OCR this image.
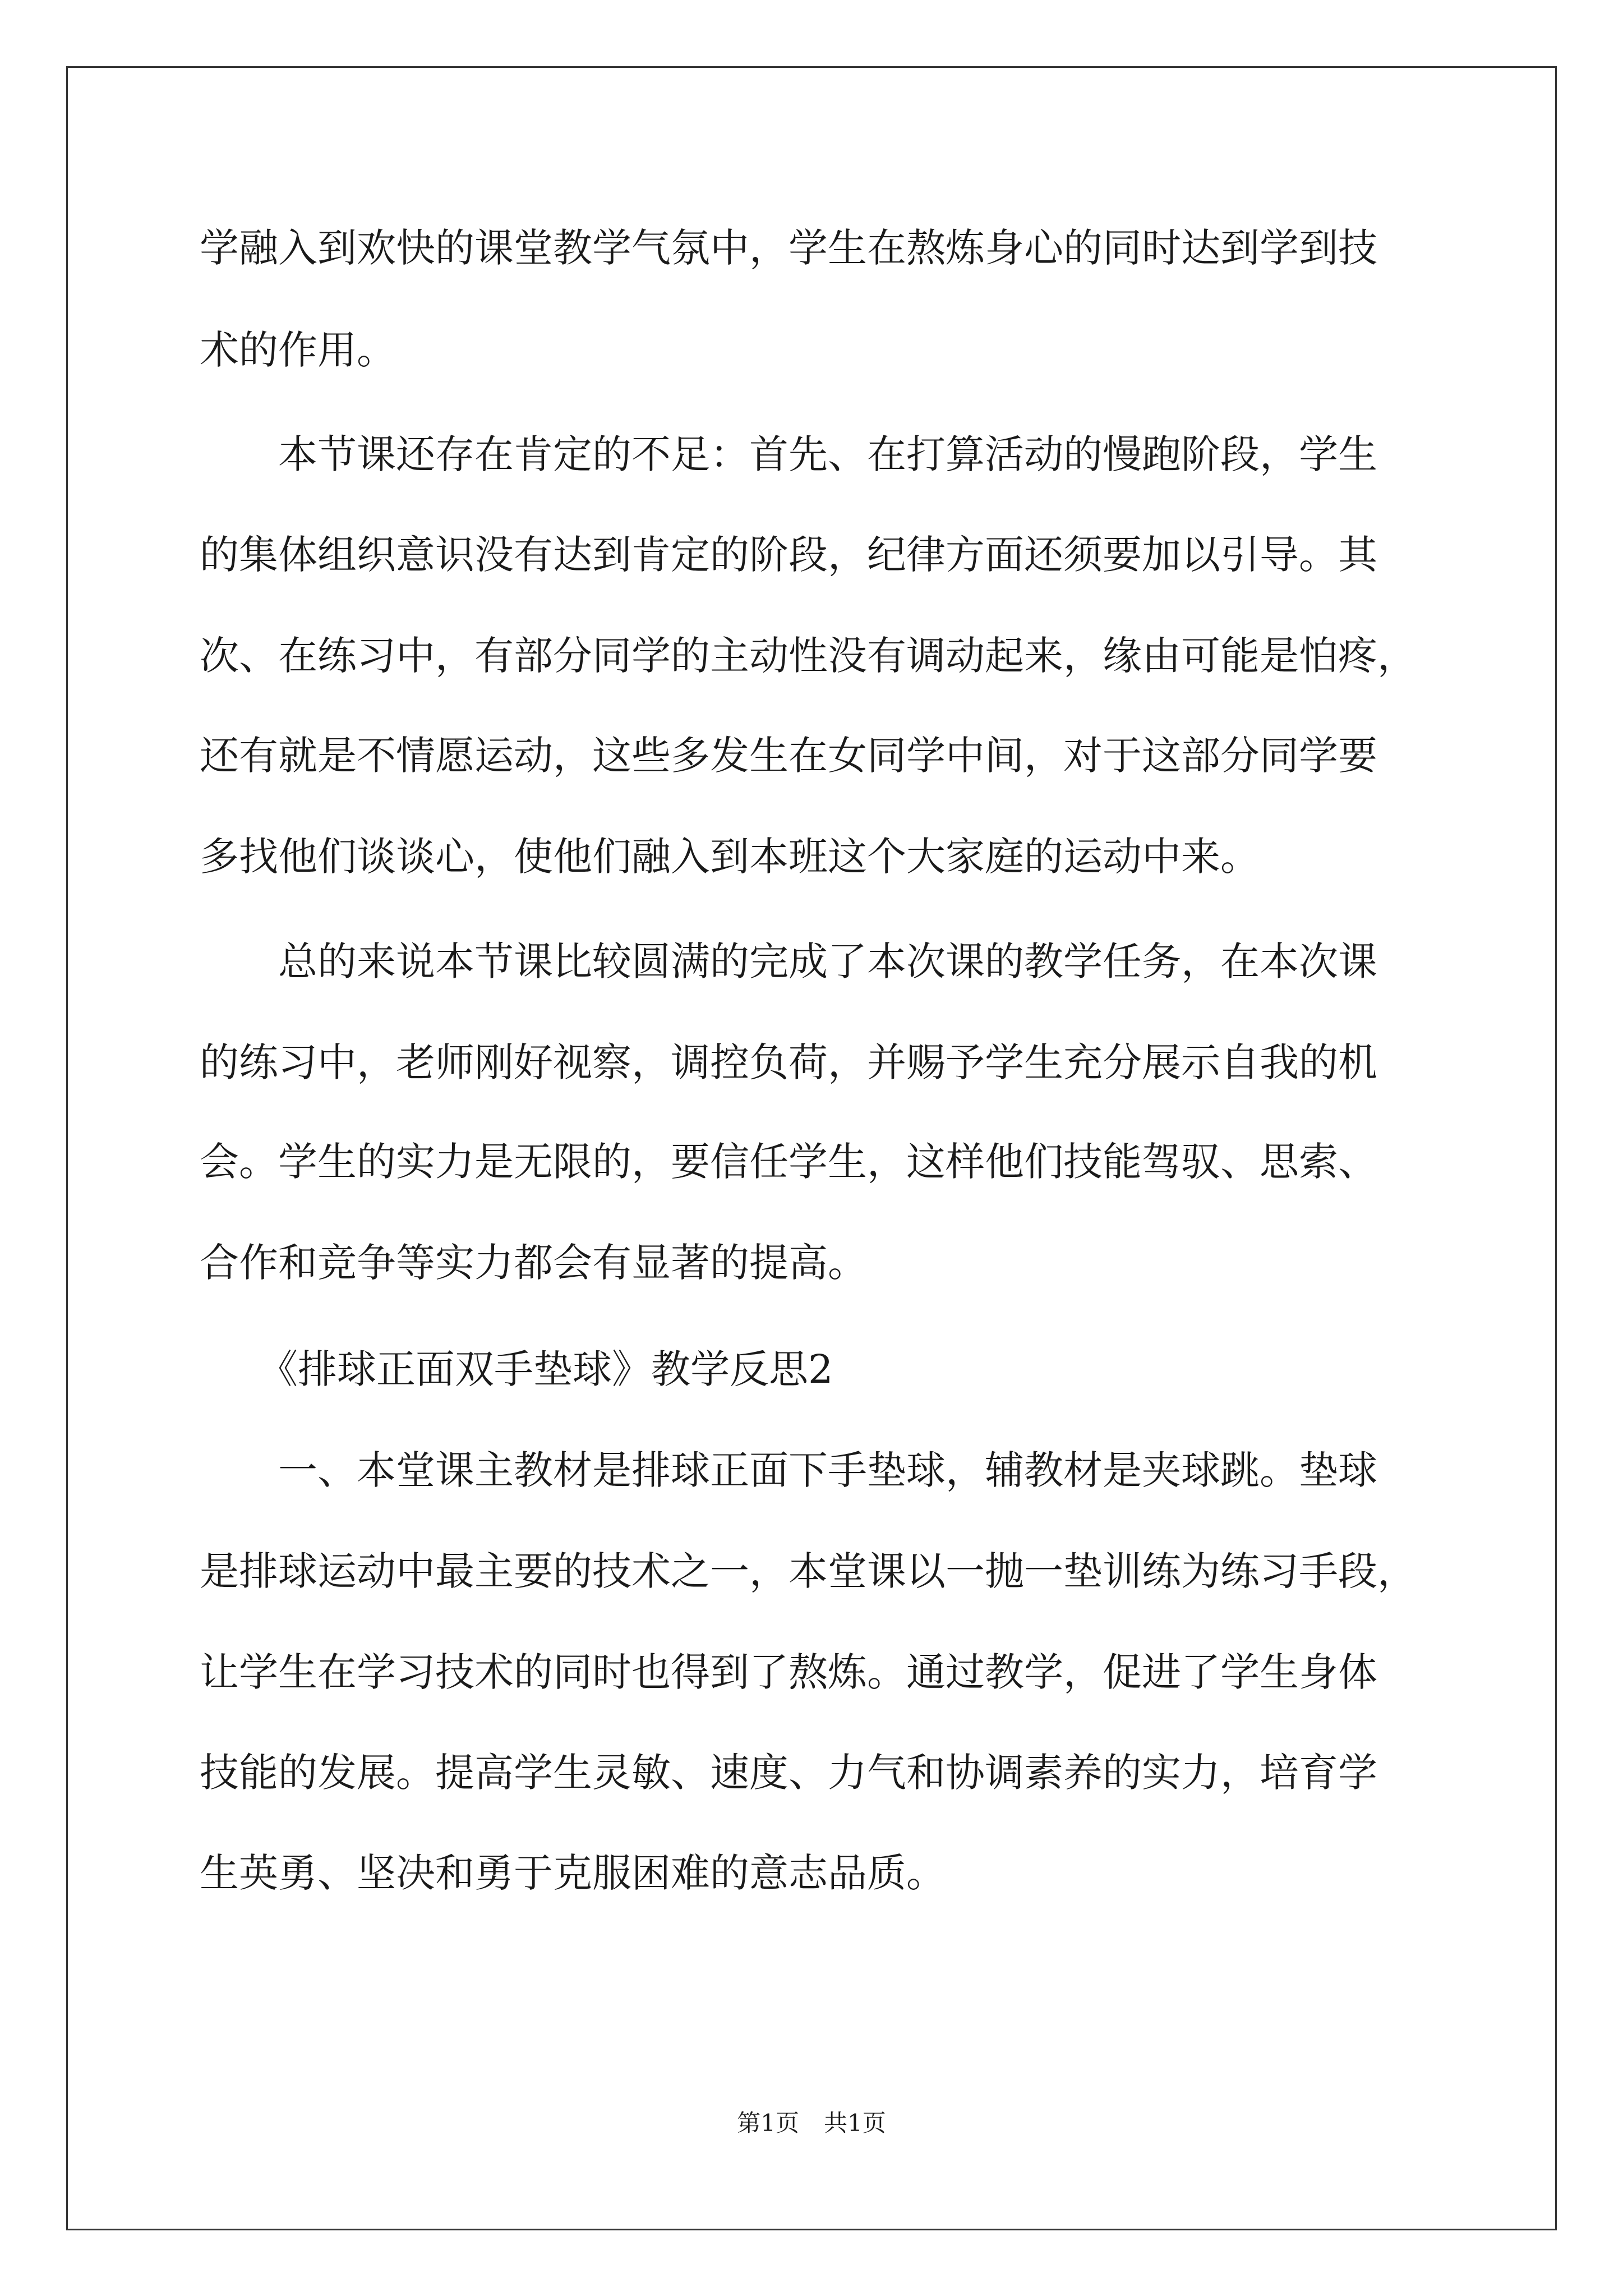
学融入到欢快的课堂教学气氛中，学生在熬炼身心的同时达到学到技
术的作用。
　　本节课还存在肯定的不足：首先、在打算活动的慢跑阶段，学生
的集体组织意识没有达到肯定的阶段，纪律方面还须要加以引导。其
次、在练习中，有部分同学的主动性没有调动起来，缘由可能是怕疼，
还有就是不情愿运动，这些多发生在女同学中间，对于这部分同学要
多找他们谈谈心，使他们融入到本班这个大家庭的运动中来。
　　总的来说本节课比较圆满的完成了本次课的教学任务，在本次课
的练习中，老师刚好视察，调控负荷，并赐予学生充分展示自我的机
会。学生的实力是无限的，要信任学生，这样他们技能驾驭、思索、
合作和竞争等实力都会有显著的提高。
　　《排球正面双手垫球》教学反思2
　　一、本堂课主教材是排球正面下手垫球，辅教材是夹球跳。垫球
是排球运动中最主要的技术之一，本堂课以一抛一垫训练为练习手段，
让学生在学习技术的同时也得到了熬炼。通过教学，促进了学生身体
技能的发展。提高学生灵敏、速度、力气和协调素养的实力，培育学
生英勇、坚决和勇于克服困难的意志品质。
第1页 共1页
